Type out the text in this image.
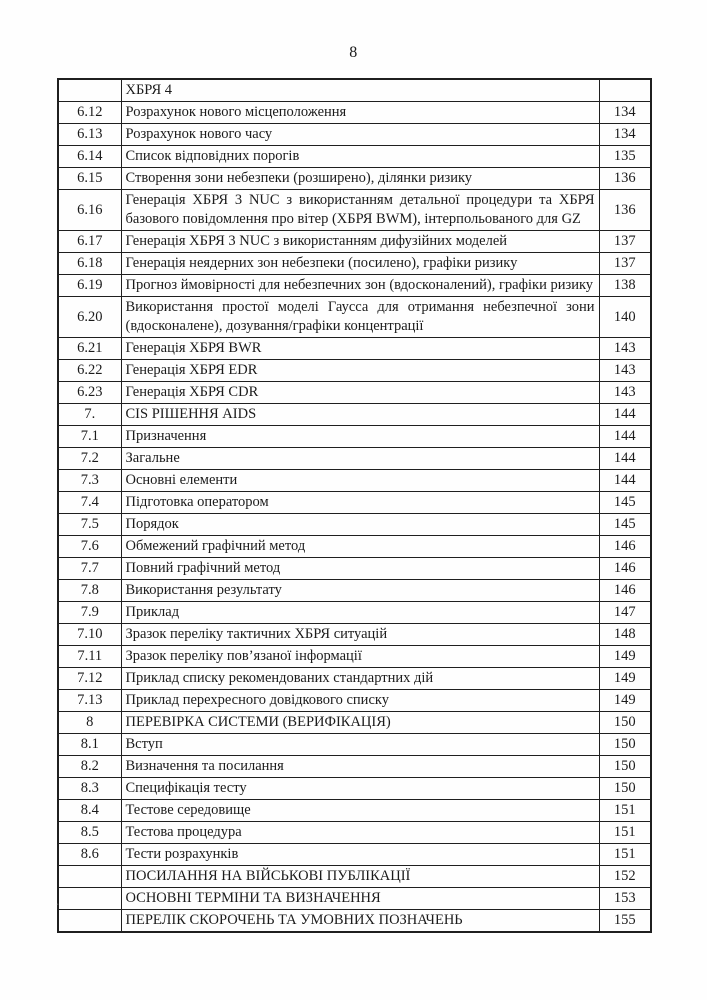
8
	ХБРЯ 4	
6.12	Розрахунок нового місцеположення	134
6.13	Розрахунок нового часу	134
6.14	Список відповідних порогів	135
6.15	Створення зони небезпеки (розширено), ділянки ризику	136
6.16	Генерація ХБРЯ 3 NUC з використанням детальної процедури та ХБРЯ базового повідомлення про вітер (ХБРЯ BWM), інтерпольованого для GZ	136
6.17	Генерація ХБРЯ 3 NUC з використанням дифузійних моделей	137
6.18	Генерація неядерних зон небезпеки (посилено), графіки ризику	137
6.19	Прогноз ймовірності для небезпечних зон (вдосконалений), графіки ризику	138
6.20	Використання простої моделі Гаусса для отримання небезпечної зони (вдосконалене), дозування/графіки концентрації	140
6.21	Генерація ХБРЯ BWR	143
6.22	Генерація ХБРЯ EDR	143
6.23	Генерація ХБРЯ CDR	143
7.	CIS РІШЕННЯ AIDS	144
7.1	Призначення	144
7.2	Загальне	144
7.3	Основні елементи	144
7.4	Підготовка оператором	145
7.5	Порядок	145
7.6	Обмежений графічний метод	146
7.7	Повний графічний метод	146
7.8	Використання результату	146
7.9	Приклад	147
7.10	Зразок переліку тактичних ХБРЯ ситуацій	148
7.11	Зразок переліку пов’язаної інформації	149
7.12	Приклад списку рекомендованих стандартних дій	149
7.13	Приклад перехресного довідкового списку	149
8	ПЕРЕВІРКА СИСТЕМИ (ВЕРИФІКАЦІЯ)	150
8.1	Вступ	150
8.2	Визначення та посилання	150
8.3	Специфікація тесту	150
8.4	Тестове середовище	151
8.5	Тестова процедура	151
8.6	Тести розрахунків	151
	ПОСИЛАННЯ НА ВІЙСЬКОВІ ПУБЛІКАЦІЇ	152
	ОСНОВНІ ТЕРМІНИ ТА ВИЗНАЧЕННЯ	153
	ПЕРЕЛІК СКОРОЧЕНЬ ТА УМОВНИХ ПОЗНАЧЕНЬ	155
.
